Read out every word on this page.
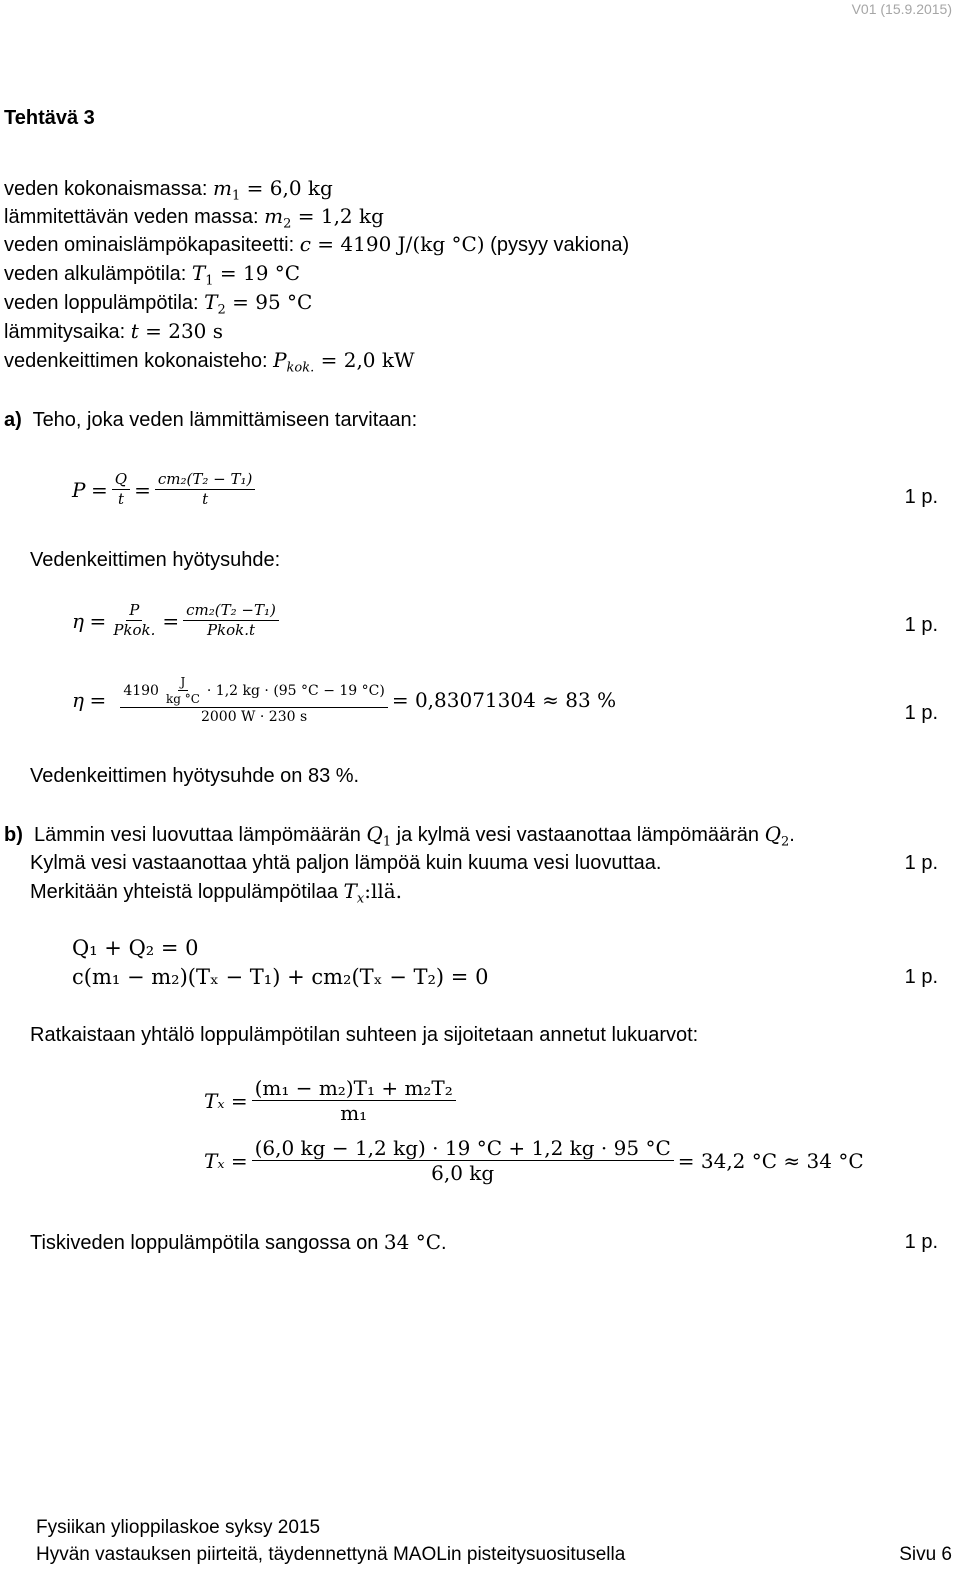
V01 (15.9.2015)
Tehtävä 3
veden kokonaismassa: $m_1 = 6,0$ kg
lämmitettävän veden massa: $m_2 = 1,2$ kg
veden ominaislämpökapasiteetti: c = 4190 J/(kg °C) (pysyy vakiona)
veden alkulämpötila: $T_1 = 19$ °C
veden loppulämpötila: $T_2 = 95$ °C
lämmitysaika: t = 230 s
vedenkeittimen kokonaisteho: $P_{kok.} = 2,0$ kW
a) Teho, joka veden lämmittämiseen tarvitaan:
P
= $\frac{Q}{t} = \frac{\text{cm₂(T₂ − T₁)}}{t}$	1 p.
Vedenkeittimen hyötysuhde:
η
= $\frac{P}{\text{Pkok.}} = \frac{\text{cm₂(T₂ −T₁)}}{\text{Pkok.t}}$	1 p.
η
= $\frac{4190 \frac{J}{kg ^\circ C} \cdot 1,2 kg \cdot (95 ^\circ C - 19 ^\circ C)}{2000 W \cdot 230 s} = 0,83071304 \approx 83$ %
1 p.
Vedenkeittimen hyötysuhde on 83 %.
b) Lämmin vesi luovuttaa lämpömäärän $Q_1$ ja kylmä vesi vastaanottaa lämpömäärän $Q_2$.
Kylmä vesi vastaanottaa yhtä paljon lämpöä kuin kuuma vesi luovuttaa.	1 p.
Merkitään yhteistä loppulämpötilaa $T_x:llä$.
Q₁ + Q₂ = 0
c(m₁ − m₂)(Tₓ − T₁) + cm₂(Tₓ − T₂) = 0	1 p.
Ratkaistaan yhtälö loppulämpötilan suhteen ja sijoitetaan annetut lukuarvot:
Tₓ
= $\frac{\text{(m₁ − m₂)T₁ + m₂T₂}}{\text{m₁}}$
Tₓ
= $\frac{(6,0 kg - 1,2 kg) \cdot 19 ^\circ C + 1,2 kg \cdot 95 ^\circ C}{6,0 kg} = 34,2$ °C ≈ 34 °C
Tiskiveden loppulämpötila sangossa on 34 °C.	1 p.
Fysiikan ylioppilaskoe syksy 2015
Hyvän vastauksen piirteitä, täydennettynä MAOLin pisteitysuositusella	Sivu 6
